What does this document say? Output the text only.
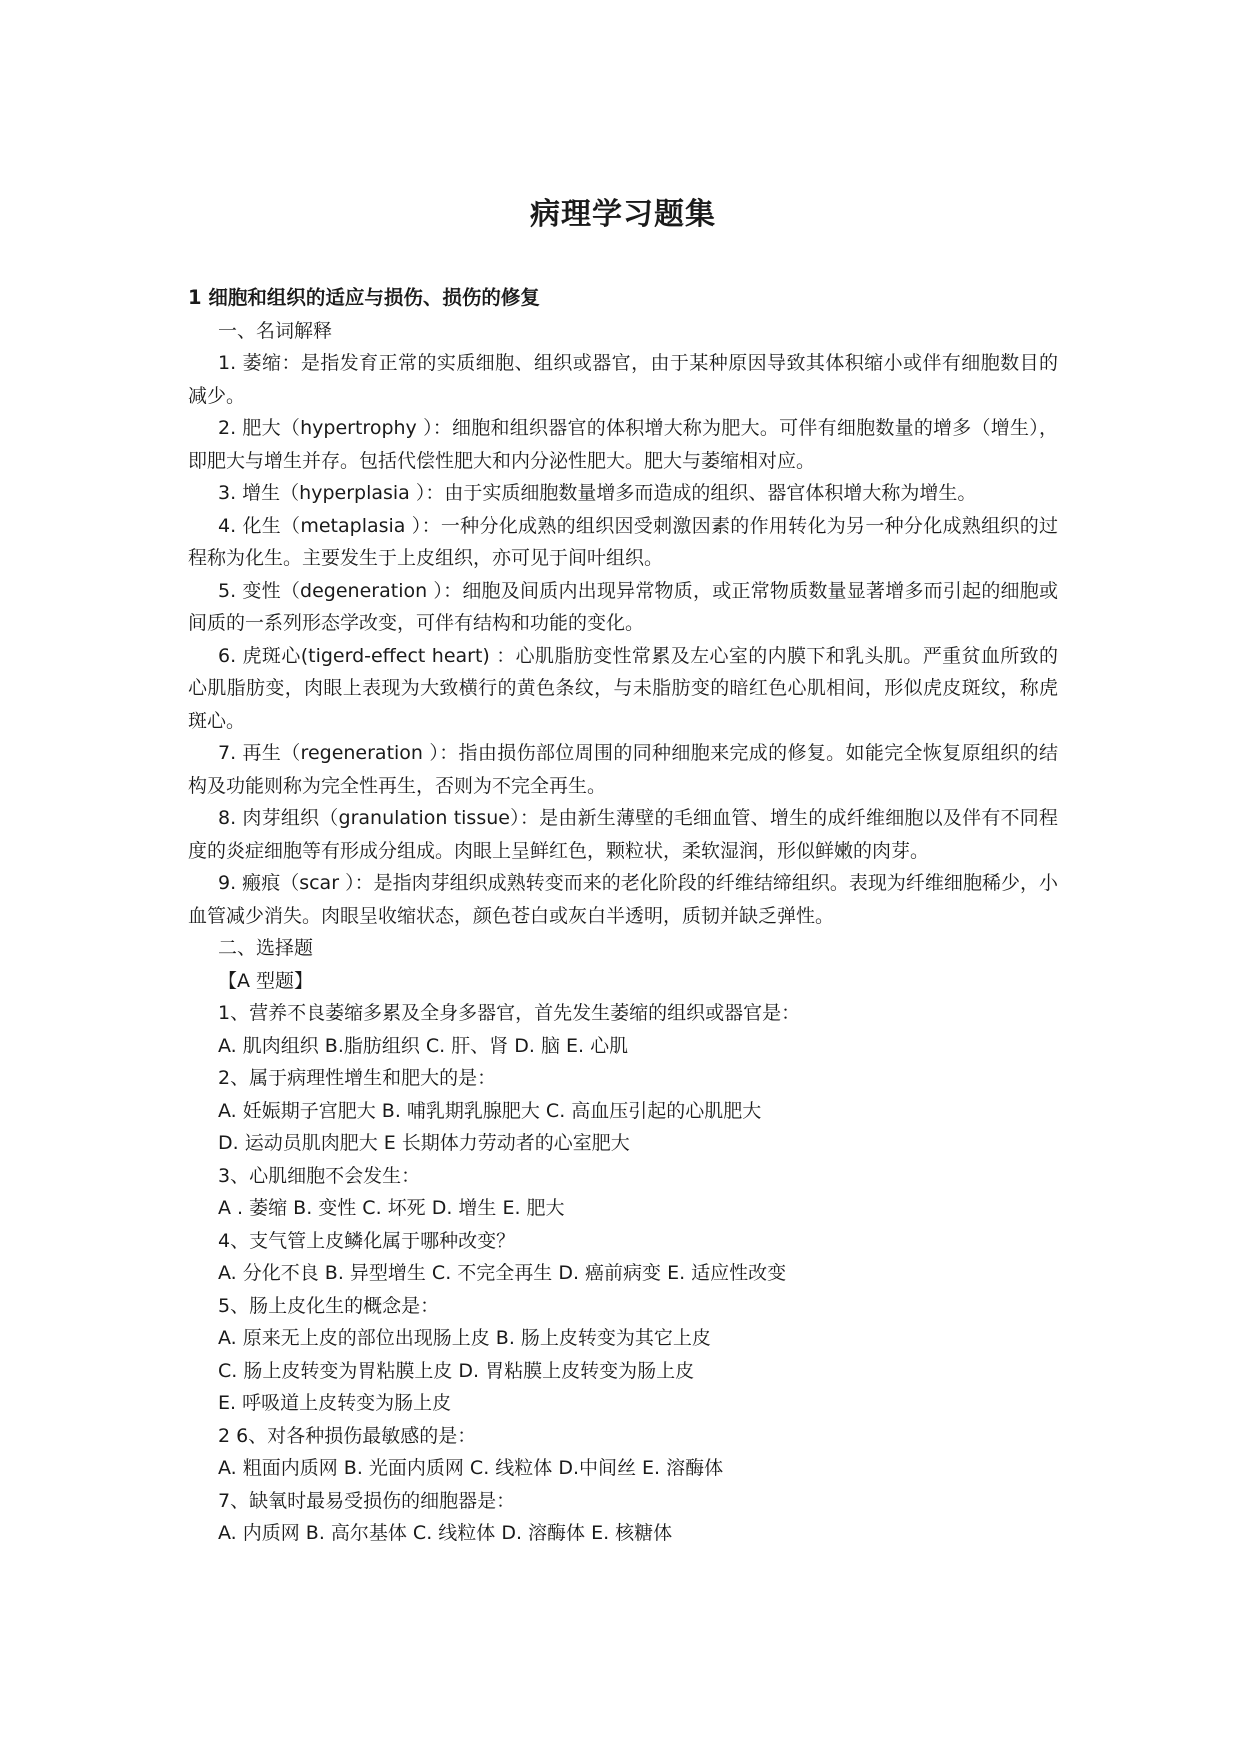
病理学习题集
1 细胞和组织的适应与损伤、损伤的修复
一、名词解释

1. 萎缩：是指发育正常的实质细胞、组织或器官，由于某种原因导致其体积缩小或伴有细胞数目的减少。

2. 肥大（hypertrophy ）：细胞和组织器官的体积增大称为肥大。可伴有细胞数量的增多（增生），即肥大与增生并存。包括代偿性肥大和内分泌性肥大。肥大与萎缩相对应。

3. 增生（hyperplasia ）：由于实质细胞数量增多而造成的组织、器官体积增大称为增生。

4. 化生（metaplasia ）：一种分化成熟的组织因受刺激因素的作用转化为另一种分化成熟组织的过程称为化生。主要发生于上皮组织，亦可见于间叶组织。

5. 变性（degeneration ）：细胞及间质内出现异常物质，或正常物质数量显著增多而引起的细胞或间质的一系列形态学改变，可伴有结构和功能的变化。

6. 虎斑心(tigerd-effect heart) ：心肌脂肪变性常累及左心室的内膜下和乳头肌。严重贫血所致的心肌脂肪变，肉眼上表现为大致横行的黄色条纹，与未脂肪变的暗红色心肌相间，形似虎皮斑纹，称虎斑心。

7. 再生（regeneration ）：指由损伤部位周围的同种细胞来完成的修复。如能完全恢复原组织的结构及功能则称为完全性再生，否则为不完全再生。

8. 肉芽组织（granulation tissue）：是由新生薄壁的毛细血管、增生的成纤维细胞以及伴有不同程度的炎症细胞等有形成分组成。肉眼上呈鲜红色，颗粒状，柔软湿润，形似鲜嫩的肉芽。

9. 瘢痕（scar ）：是指肉芽组织成熟转变而来的老化阶段的纤维结缔组织。表现为纤维细胞稀少，小血管减少消失。肉眼呈收缩状态，颜色苍白或灰白半透明，质韧并缺乏弹性。

二、选择题
【A 型题】
1、营养不良萎缩多累及全身多器官，首先发生萎缩的组织或器官是：
A. 肌肉组织 B.脂肪组织 C. 肝、肾 D. 脑 E. 心肌
2、属于病理性增生和肥大的是：
A. 妊娠期子宫肥大 B. 哺乳期乳腺肥大 C. 高血压引起的心肌肥大
D. 运动员肌肉肥大 E 长期体力劳动者的心室肥大
3、心肌细胞不会发生：
A . 萎缩 B. 变性 C. 坏死 D. 增生 E. 肥大
4、支气管上皮鳞化属于哪种改变？
A. 分化不良 B. 异型增生 C. 不完全再生 D. 癌前病变 E. 适应性改变
5、肠上皮化生的概念是：
A. 原来无上皮的部位出现肠上皮 B. 肠上皮转变为其它上皮
C. 肠上皮转变为胃粘膜上皮 D. 胃粘膜上皮转变为肠上皮
E. 呼吸道上皮转变为肠上皮
2 6、对各种损伤最敏感的是：
A. 粗面内质网 B. 光面内质网 C. 线粒体 D.中间丝 E. 溶酶体
7、缺氧时最易受损伤的细胞器是：
A. 内质网 B. 高尔基体 C. 线粒体 D. 溶酶体 E. 核糖体
